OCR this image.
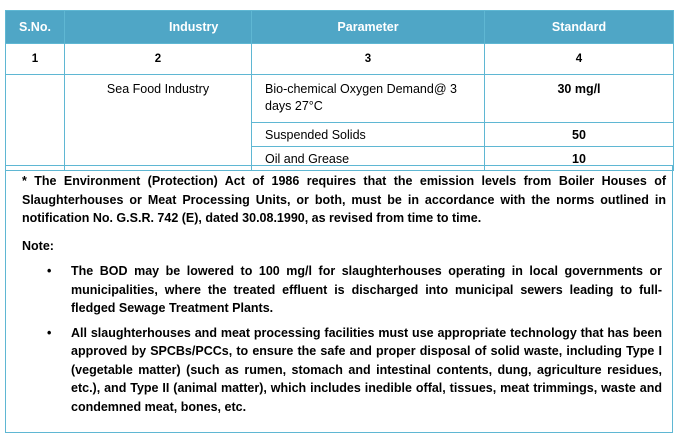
S.No.	Industry	Parameter	Standard
1	2	3	4
	Sea Food Industry	Bio-chemical Oxygen Demand@ 3 days 27°C	30 mg/l
		Suspended Solids	50
		Oil and Grease	10

* The Environment (Protection) Act of 1986 requires that the emission levels from Boiler Houses of Slaughterhouses or Meat Processing Units, or both, must be in accordance with the norms outlined in notification No. G.S.R. 742 (E), dated 30.08.1990, as revised from time to time.

Note:

• The BOD may be lowered to 100 mg/l for slaughterhouses operating in local governments or municipalities, where the treated effluent is discharged into municipal sewers leading to full-fledged Sewage Treatment Plants.
• All slaughterhouses and meat processing facilities must use appropriate technology that has been approved by SPCBs/PCCs, to ensure the safe and proper disposal of solid waste, including Type I (vegetable matter) (such as rumen, stomach and intestinal contents, dung, agriculture residues, etc.), and Type II (animal matter), which includes inedible offal, tissues, meat trimmings, waste and condemned meat, bones, etc.
